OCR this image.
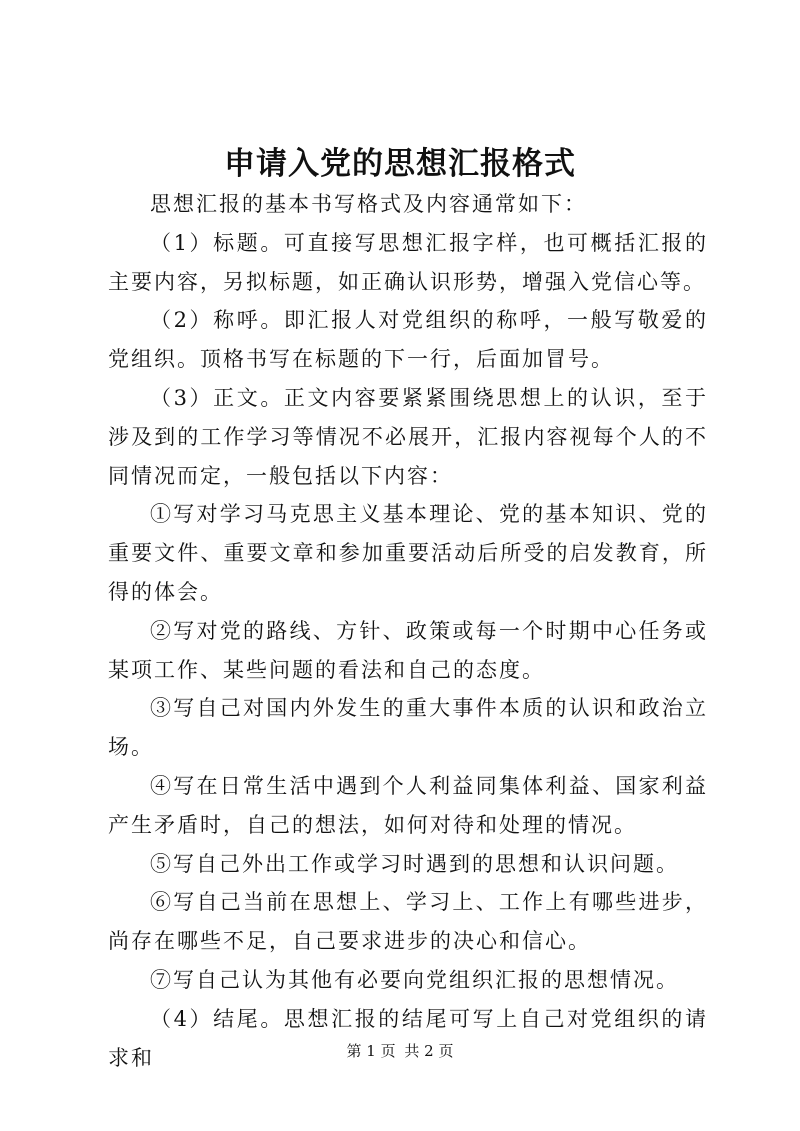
申请入党的思想汇报格式

思想汇报的基本书写格式及内容通常如下：

（1）标题。可直接写思想汇报字样，也可概括汇报的主要内容，另拟标题，如正确认识形势，增强入党信心等。

（2）称呼。即汇报人对党组织的称呼，一般写敬爱的党组织。顶格书写在标题的下一行，后面加冒号。

（3）正文。正文内容要紧紧围绕思想上的认识，至于涉及到的工作学习等情况不必展开，汇报内容视每个人的不同情况而定，一般包括以下内容：

①写对学习马克思主义基本理论、党的基本知识、党的重要文件、重要文章和参加重要活动后所受的启发教育，所得的体会。

②写对党的路线、方针、政策或每一个时期中心任务或某项工作、某些问题的看法和自己的态度。

③写自己对国内外发生的重大事件本质的认识和政治立场。

④写在日常生活中遇到个人利益同集体利益、国家利益产生矛盾时，自己的想法，如何对待和处理的情况。

⑤写自己外出工作或学习时遇到的思想和认识问题。

⑥写自己当前在思想上、学习上、工作上有哪些进步，尚存在哪些不足，自己要求进步的决心和信心。

⑦写自己认为其他有必要向党组织汇报的思想情况。

（4）结尾。思想汇报的结尾可写上自己对党组织的请求和	第 1 页 共 2 页
